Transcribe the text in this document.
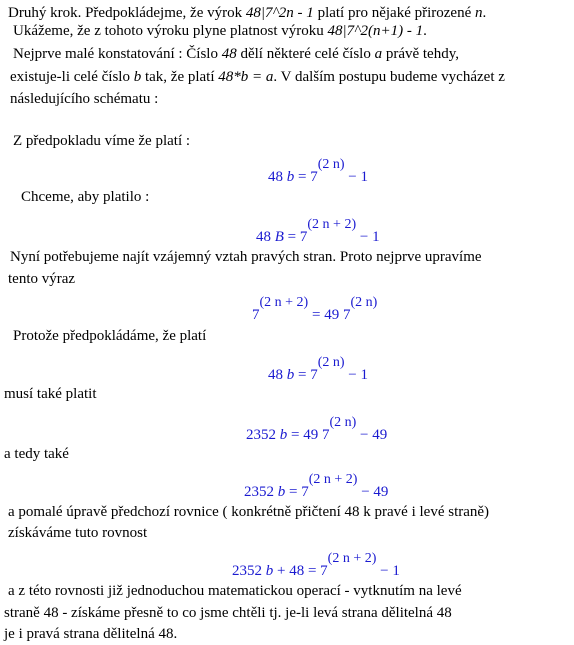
Druhý krok. Předpokládejme, že výrok 48|7^2n - 1 platí pro nějaké přirozené n.
Ukážeme, že z tohoto výroku plyne platnost výroku 48|7^2(n+1) - 1.
Nejprve malé konstatování : Číslo 48 dělí některé celé číslo a právě tehdy,
existuje-li celé číslo b tak, že platí 48*b = a. V dalším postupu budeme vycházet z
následujícího schématu :
Z předpokladu víme že platí :
48 b = 7(2 n) − 1
Chceme, aby platilo :
48 B = 7(2 n + 2) − 1
Nyní potřebujeme najít vzájemný vztah pravých stran. Proto nejprve upravíme
tento výraz
7(2 n + 2) = 49 7(2 n)
Protože předpokládáme, že platí
48 b = 7(2 n) − 1
musí také platit
2352 b = 49 7(2 n) − 49
a tedy také
2352 b = 7(2 n + 2) − 49
a pomalé úpravě předchozí rovnice ( konkrétně přičtení 48 k pravé i levé straně)
získáváme tuto rovnost
2352 b + 48 = 7(2 n + 2) − 1
a z této rovnosti již jednoduchou matematickou operací - vytknutím na levé
straně 48 - získáme přesně to co jsme chtěli tj. je-li levá strana dělitelná 48
je i pravá strana dělitelná 48.
